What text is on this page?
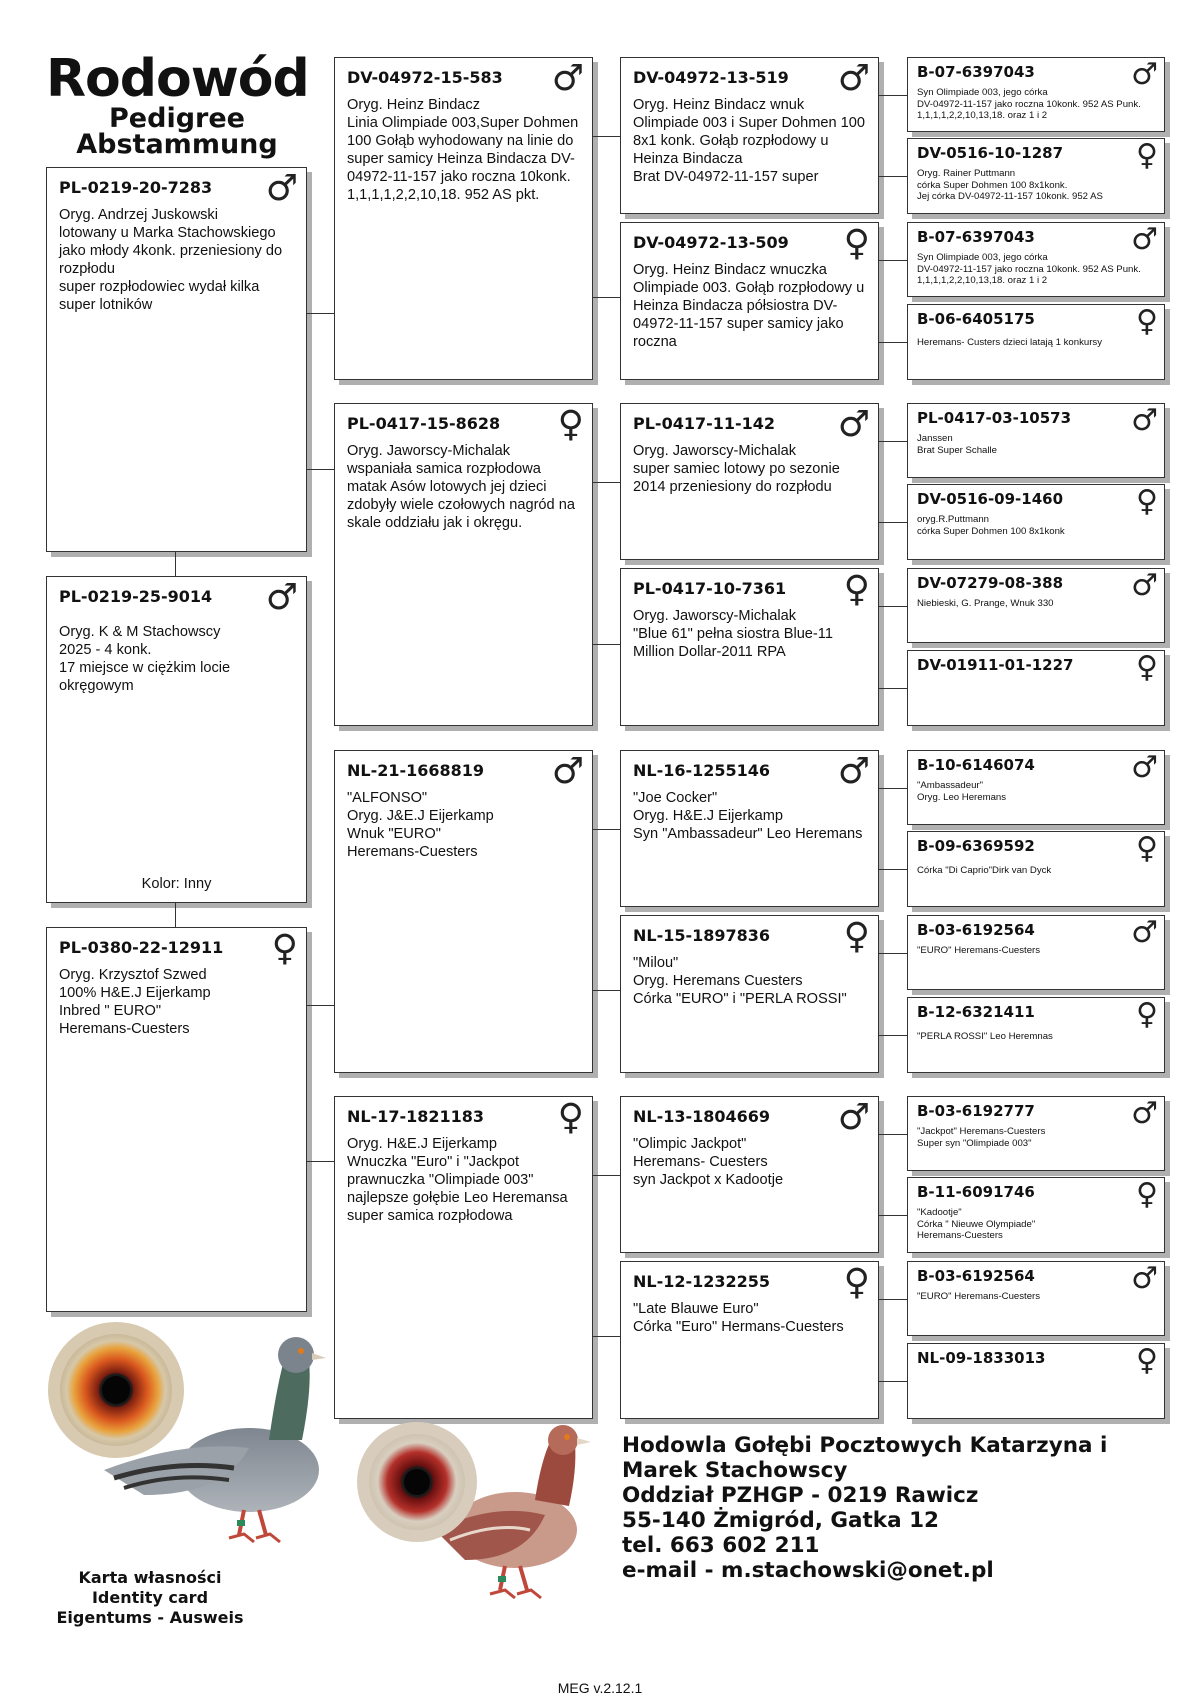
Rodowód
Pedigree
Abstammung
PL-0219-20-7283 ♂
Oryg. Andrzej Juskowski
lotowany u Marka Stachowskiego jako młody 4konk. przeniesiony do rozpłodu
super rozpłodowiec wydał kilka super lotników
PL-0219-25-9014 ♂
Oryg. K & M Stachowscy
2025 - 4 konk.
17 miejsce w ciężkim locie okręgowym
Kolor: Inny
PL-0380-22-12911 ♀
Oryg. Krzysztof Szwed
100% H&E.J Eijerkamp
Inbred " EURO"
Heremans-Cuesters
DV-04972-15-583 ♂
Oryg. Heinz Bindacz
Linia Olimpiade 003,Super Dohmen 100 Gołąb wyhodowany na linie do super samicy Heinza Bindacza DV-04972-11-157 jako roczna 10konk. 1,1,1,1,2,2,10,18. 952 AS pkt.
PL-0417-15-8628 ♀
Oryg. Jaworscy-Michalak
wspaniała samica rozpłodowa matak Asów lotowych jej dzieci zdobyły wiele czołowych nagród na skale oddziału jak i okręgu.
NL-21-1668819 ♂
"ALFONSO"
Oryg. J&E.J Eijerkamp
Wnuk "EURO"
Heremans-Cuesters
NL-17-1821183 ♀
Oryg. H&E.J Eijerkamp
Wnuczka "Euro" i "Jackpot
prawnuczka "Olimpiade 003"
najlepsze gołębie Leo Heremansa
super samica rozpłodowa
DV-04972-13-519 ♂
Oryg. Heinz Bindacz wnuk Olimpiade 003 i Super Dohmen 100 8x1 konk. Gołąb rozpłodowy u Heinza Bindacza
Brat DV-04972-11-157 super
DV-04972-13-509 ♀
Oryg. Heinz Bindacz wnuczka Olimpiade 003. Gołąb rozpłodowy u Heinza Bindacza półsiostra DV-04972-11-157 super samicy jako roczna
PL-0417-11-142 ♂
Oryg. Jaworscy-Michalak
super samiec lotowy po sezonie 2014 przeniesiony do rozpłodu
PL-0417-10-7361 ♀
Oryg. Jaworscy-Michalak
"Blue 61" pełna siostra Blue-11 Million Dollar-2011 RPA
NL-16-1255146 ♂
"Joe Cocker"
Oryg. H&E.J Eijerkamp
Syn "Ambassadeur" Leo Heremans
NL-15-1897836 ♀
"Milou"
Oryg. Heremans Cuesters
Córka "EURO" i "PERLA ROSSI"
NL-13-1804669 ♂
"Olimpic Jackpot"
Heremans- Cuesters
syn Jackpot x Kadootje
NL-12-1232255 ♀
"Late Blauwe Euro"
Córka "Euro" Hermans-Cuesters
B-07-6397043	♂
Syn Olimpiade 003, jego córka
DV-04972-11-157 jako roczna 10konk. 952 AS Punk. 1,1,1,1,2,2,10,13,18. oraz 1 i 2
DV-0516-10-1287 ♀
Oryg. Rainer Puttmann
córka Super Dohmen 100 8x1konk.
Jej córka DV-04972-11-157 10konk. 952 AS
B-07-6397043	♂
Syn Olimpiade 003, jego córka
DV-04972-11-157 jako roczna 10konk. 952 AS Punk. 1,1,1,1,2,2,10,13,18. oraz 1 i 2
B-06-6405175	♀
Heremans- Custers dzieci latają 1 konkursy
PL-0417-03-10573 ♂
Janssen
Brat Super Schalle
DV-0516-09-1460 ♀
oryg.R.Puttmann
córka Super Dohmen 100 8x1konk
DV-07279-08-388 ♂
Niebieski, G. Prange, Wnuk 330
DV-01911-01-1227 ♀
B-10-6146074	♂
"Ambassadeur"
Oryg. Leo Heremans
B-09-6369592	♀
Córka "Di Caprio"Dirk van Dyck
B-03-6192564	♂
"EURO" Heremans-Cuesters
B-12-6321411	♀
"PERLA ROSSI" Leo Heremnas
B-03-6192777	♂
"Jackpot" Heremans-Cuesters
Super syn "Olimpiade 003"
B-11-6091746	♀
"Kadootje"
Córka " Nieuwe Olympiade"
Heremans-Cuesters
B-03-6192564	♂
"EURO" Heremans-Cuesters
NL-09-1833013	♀
Karta własności
Identity card
Eigentums - Ausweis
Hodowla Gołębi Pocztowych Katarzyna i Marek Stachowscy
Oddział PZHGP - 0219 Rawicz
55-140 Żmigród, Gatka 12
tel. 663 602 211
e-mail - m.stachowski@onet.pl
MEG v.2.12.1
